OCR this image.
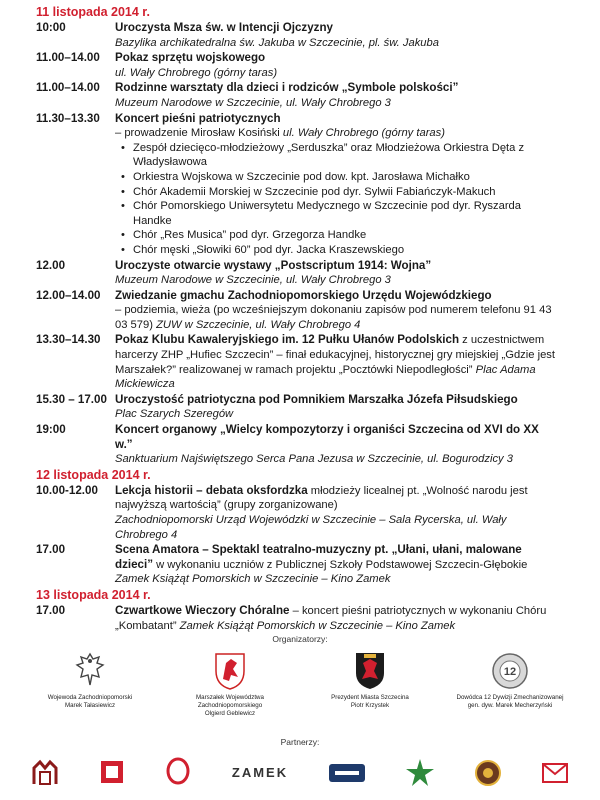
11 listopada 2014 r.
10:00	Uroczysta Msza św. w Intencji Ojczyzny
Bazylika archikatedralna św. Jakuba w Szczecinie, pl. św. Jakuba
11.00–14.00	Pokaz sprzętu wojskowego
ul. Wały Chrobrego (górny taras)
11.00–14.00	Rodzinne warsztaty dla dzieci i rodziców „Symbole polskości”
Muzeum Narodowe w Szczecinie, ul. Wały Chrobrego 3
11.30–13.30	Koncert pieśni patriotycznych
– prowadzenie Mirosław Kosiński ul. Wały Chrobrego (górny taras)
• Zespół dziecięco-młodzieżowy „Serduszka” oraz Młodzieżowa Orkiestra Dęta z Władysławowa
• Orkiestra Wojskowa w Szczecinie pod dow. kpt. Jarosława Michałko
• Chór Akademii Morskiej w Szczecinie pod dyr. Sylwii Fabiańczyk-Makuch
• Chór Pomorskiego Uniwersytetu Medycznego w Szczecinie pod dyr. Ryszarda Handke
• Chór „Res Musica” pod dyr. Grzegorza Handke
• Chór męski „Słowiki 60” pod dyr. Jacka Kraszewskiego
12.00	Uroczyste otwarcie wystawy „Postscriptum 1914: Wojna”
Muzeum Narodowe w Szczecinie, ul. Wały Chrobrego 3
12.00–14.00	Zwiedzanie gmachu Zachodniopomorskiego Urzędu Wojewódzkiego
– podziemia, wieża (po wcześniejszym dokonaniu zapisów pod numerem telefonu 91 43 03 579) ZUW w Szczecinie, ul. Wały Chrobrego 4
13.30–14.30	Pokaz Klubu Kawaleryjskiego im. 12 Pułku Ułanów Podolskich z uczestnictwem harcerzy ZHP „Hufiec Szczecin” – finał edukacyjnej, historycznej gry miejskiej „Gdzie jest Marszałek?” realizowanej w ramach projektu „Pocztówki Niepodległości” Plac Adama Mickiewicza
15.30 – 17.00 Uroczystość patriotyczna pod Pomnikiem Marszałka Józefa Piłsudskiego
Plac Szarych Szeregów
19:00	Koncert organowy „Wielcy kompozytorzy i organiści Szczecina od XVI do XX w.”
Sanktuarium Najświętszego Serca Pana Jezusa w Szczecinie, ul. Bogurodzicy 3
12 listopada 2014 r.
10.00-12.00	Lekcja historii – debata oksfordzka młodzieży licealnej pt. „Wolność narodu jest najwyższą wartością” (grupy zorganizowane)
Zachodniopomorski Urząd Wojewódzki w Szczecinie – Sala Rycerska, ul. Wały Chrobrego 4
17.00	Scena Amatora – Spektakl teatralno-muzyczny pt. „Ułani, ułani, malowane dzieci” w wykonaniu uczniów z Publicznej Szkoły Podstawowej Szczecin-Głębokie
Zamek Książąt Pomorskich w Szczecinie – Kino Zamek
13 listopada 2014 r.
17.00	Czwartkowe Wieczory Chóralne – koncert pieśni patriotycznych w wykonaniu Chóru „Kombatant” Zamek Książąt Pomorskich w Szczecinie – Kino Zamek
Organizatorzy:
Wojewoda Zachodniopomorski
Marek Tałasiewicz
Marszałek Województwa Zachodniopomorskiego
Olgierd Geblewicz
Prezydent Miasta Szczecina
Piotr Krzystek
12
Dowódca 12 Dywizji Zmechanizowanej
gen. dyw. Marek Mecherzyński
Partnerzy:
ZAMEK
